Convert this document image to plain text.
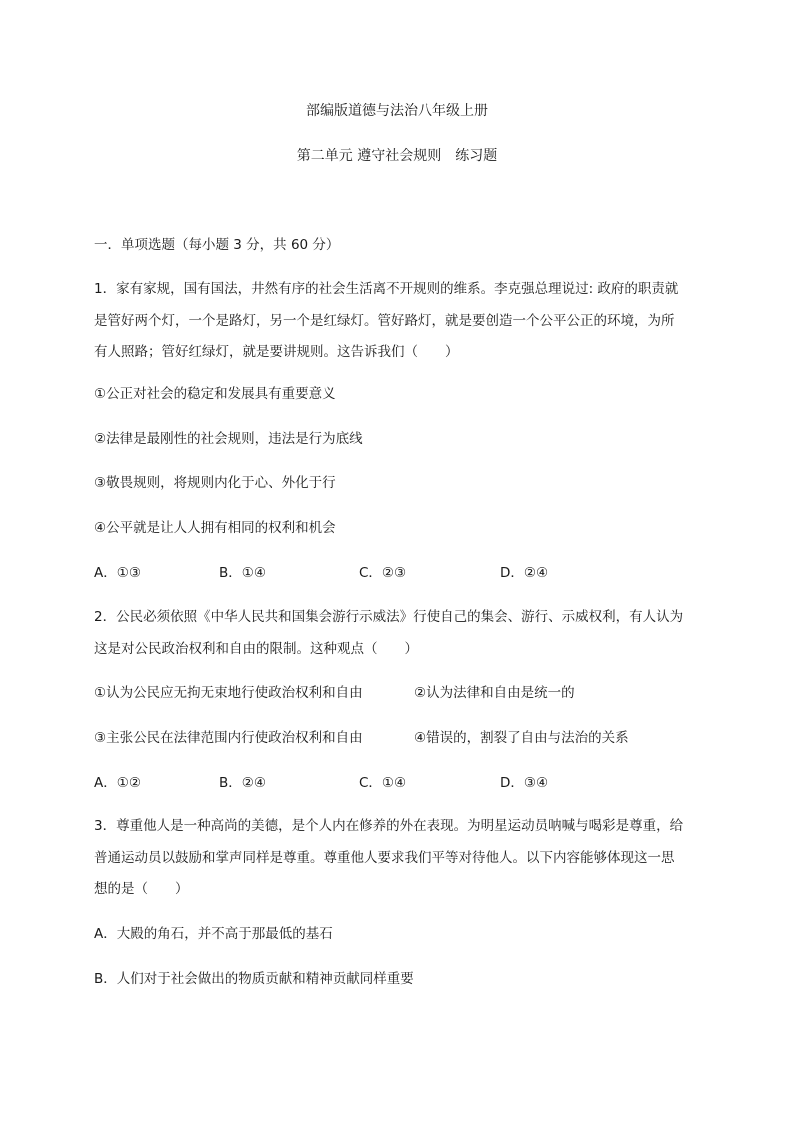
部编版道德与法治八年级上册
第二单元 遵守社会规则　练习题
一．单项选题（每小题 3 分，共 60 分）
1．家有家规，国有国法，井然有序的社会生活离不开规则的维系。李克强总理说过: 政府的职责就
是管好两个灯，一个是路灯，另一个是红绿灯。管好路灯，就是要创造一个公平公正的环境，为所
有人照路；管好红绿灯，就是要讲规则。这告诉我们（　　）
①公正对社会的稳定和发展具有重要意义
②法律是最刚性的社会规则，违法是行为底线
③敬畏规则，将规则内化于心、外化于行
④公平就是让人人拥有相同的权利和机会
A．①③	B．①④	C．②③	D．②④
2．公民必须依照《中华人民共和国集会游行示威法》行使自己的集会、游行、示威权利，有人认为
这是对公民政治权利和自由的限制。这种观点（　　）
①认为公民应无拘无束地行使政治权利和自由	②认为法律和自由是统一的
③主张公民在法律范围内行使政治权利和自由	④错误的，割裂了自由与法治的关系
A．①②	B．②④	C．①④	D．③④
3．尊重他人是一种高尚的美德，是个人内在修养的外在表现。为明星运动员呐喊与喝彩是尊重，给
普通运动员以鼓励和掌声同样是尊重。尊重他人要求我们平等对待他人。以下内容能够体现这一思
想的是（　　）
A．大殿的角石，并不高于那最低的基石
B．人们对于社会做出的物质贡献和精神贡献同样重要
